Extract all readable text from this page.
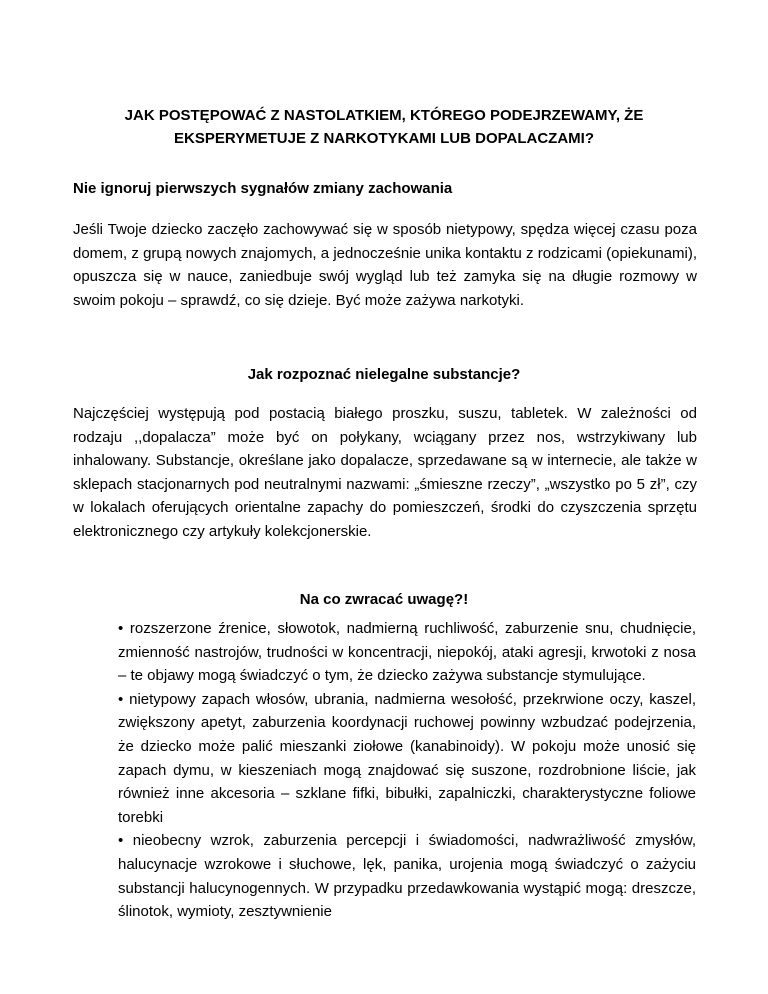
JAK POSTĘPOWAĆ Z NASTOLATKIEM, KTÓREGO PODEJRZEWAMY, ŻE EKSPERYMETUJE Z NARKOTYKAMI LUB DOPALACZAMI?
Nie ignoruj pierwszych sygnałów zmiany zachowania

Jeśli Twoje dziecko zaczęło zachowywać się w sposób nietypowy, spędza więcej czasu poza domem, z grupą nowych znajomych, a jednocześnie unika kontaktu z rodzicami (opiekunami), opuszcza się w nauce, zaniedbuje swój wygląd lub też zamyka się na długie rozmowy w swoim pokoju – sprawdź, co się dzieje. Być może zażywa narkotyki.

Jak rozpoznać nielegalne substancje?

Najczęściej występują pod postacią białego proszku, suszu, tabletek. W zależności od rodzaju ,,dopalacza” może być on połykany, wciągany przez nos, wstrzykiwany lub inhalowany. Substancje, określane jako dopalacze, sprzedawane są w internecie, ale także w sklepach stacjonarnych pod neutralnymi nazwami: „śmieszne rzeczy”, „wszystko po 5 zł”, czy w lokalach oferujących orientalne zapachy do pomieszczeń, środki do czyszczenia sprzętu elektronicznego czy artykuły kolekcjonerskie.

Na co zwracać uwagę?!
• rozszerzone źrenice, słowotok, nadmierną ruchliwość, zaburzenie snu, chudnięcie, zmienność nastrojów, trudności w koncentracji, niepokój, ataki agresji, krwotoki z nosa – te objawy mogą świadczyć o tym, że dziecko zażywa substancje stymulujące.
• nietypowy zapach włosów, ubrania, nadmierna wesołość, przekrwione oczy, kaszel, zwiększony apetyt, zaburzenia koordynacji ruchowej powinny wzbudzać podejrzenia, że dziecko może palić mieszanki ziołowe (kanabinoidy). W pokoju może unosić się zapach dymu, w kieszeniach mogą znajdować się suszone, rozdrobnione liście, jak również inne akcesoria – szklane fifki, bibułki, zapalniczki, charakterystyczne foliowe torebki
• nieobecny wzrok, zaburzenia percepcji i świadomości, nadwrażliwość zmysłów, halucynacje wzrokowe i słuchowe, lęk, panika, urojenia mogą świadczyć o zażyciu substancji halucynogennych. W przypadku przedawkowania wystąpić mogą: dreszcze, ślinotok, wymioty, zesztywnienie
